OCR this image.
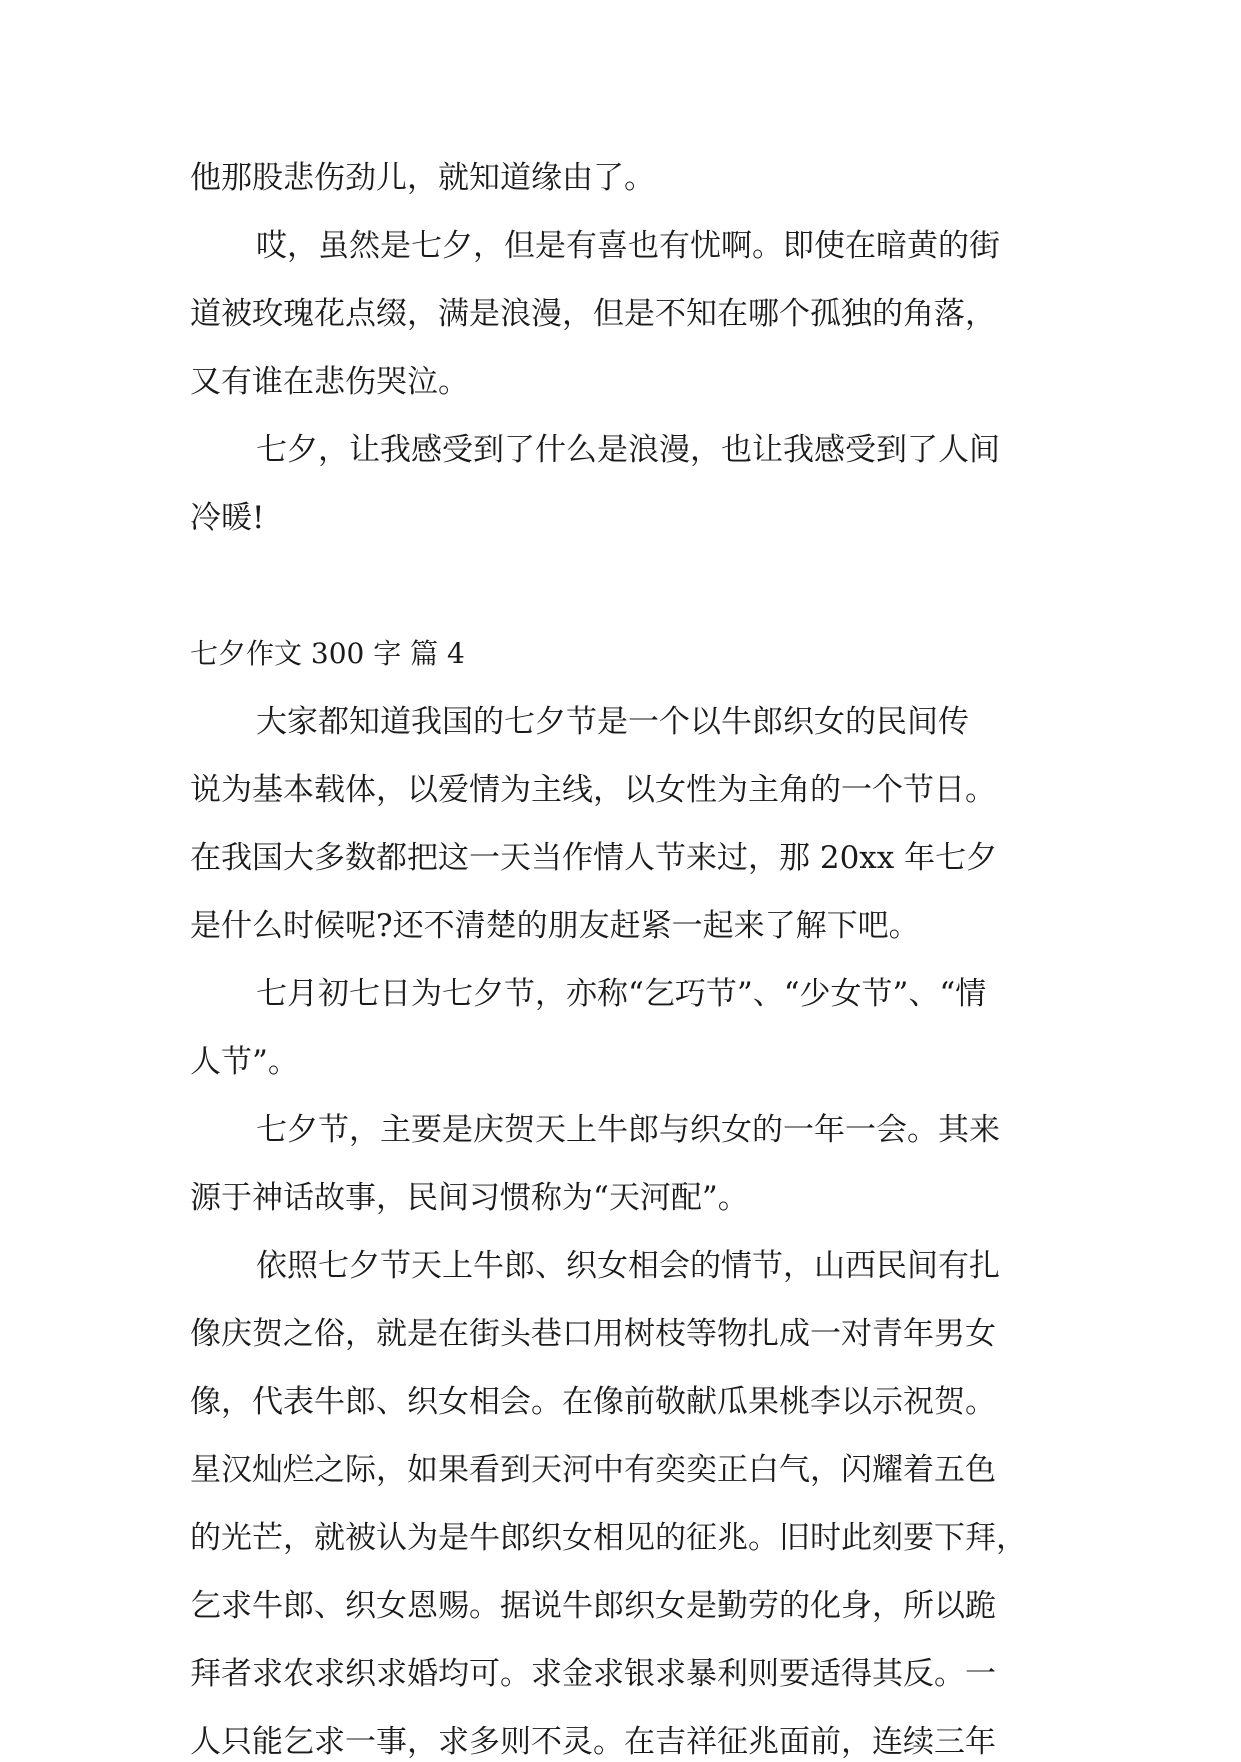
他那股悲伤劲儿，就知道缘由了。

哎，虽然是七夕，但是有喜也有忧啊。即使在暗黄的街

道被玫瑰花点缀，满是浪漫，但是不知在哪个孤独的角落，

又有谁在悲伤哭泣。

七夕，让我感受到了什么是浪漫，也让我感受到了人间

冷暖!

七夕作文 300 字 篇 4

大家都知道我国的七夕节是一个以牛郎织女的民间传

说为基本载体，以爱情为主线，以女性为主角的一个节日。

在我国大多数都把这一天当作情人节来过，那 20xx 年七夕

是什么时候呢?还不清楚的朋友赶紧一起来了解下吧。

七月初七日为七夕节，亦称“乞巧节”、“少女节”、“情

人节”。

七夕节，主要是庆贺天上牛郎与织女的一年一会。其来

源于神话故事，民间习惯称为“天河配”。

依照七夕节天上牛郎、织女相会的情节，山西民间有扎

像庆贺之俗，就是在街头巷口用树枝等物扎成一对青年男女

像，代表牛郎、织女相会。在像前敬献瓜果桃李以示祝贺。

星汉灿烂之际，如果看到天河中有奕奕正白气，闪耀着五色

的光芒，就被认为是牛郎织女相见的征兆。旧时此刻要下拜，

乞求牛郎、织女恩赐。据说牛郎织女是勤劳的化身，所以跪

拜者求农求织求婚均可。求金求银求暴利则要适得其反。一

人只能乞求一事，求多则不灵。在吉祥征兆面前，连续三年
